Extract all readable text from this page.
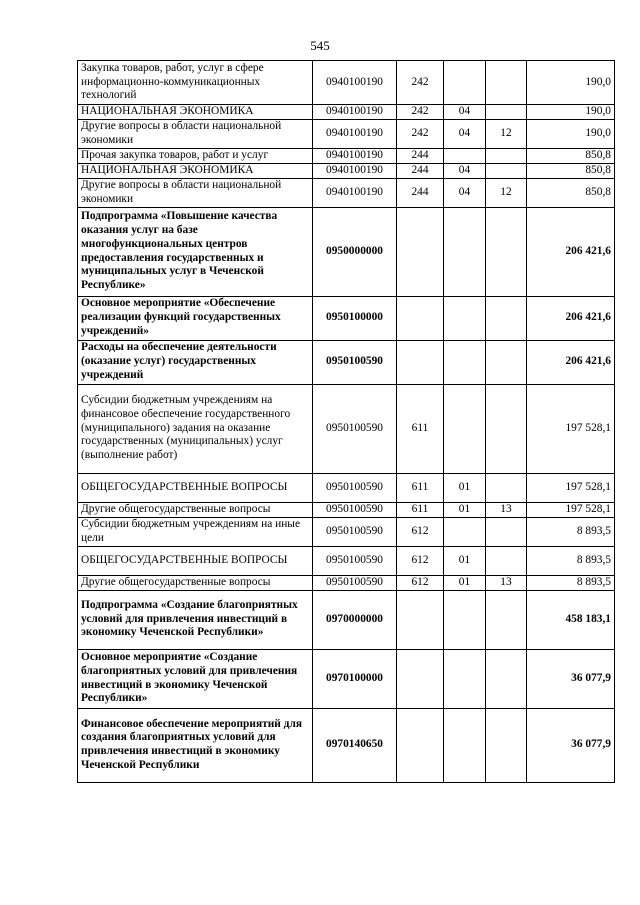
545
Закупка товаров, работ, услуг в сфере информационно-коммуникационных технологий	0940100190	242			190,0
НАЦИОНАЛЬНАЯ ЭКОНОМИКА	0940100190	242	04		190,0
Другие вопросы в области национальной экономики	0940100190	242	04	12	190,0
Прочая закупка товаров, работ и услуг	0940100190	244			850,8
НАЦИОНАЛЬНАЯ ЭКОНОМИКА	0940100190	244	04		850,8
Другие вопросы в области национальной экономики	0940100190	244	04	12	850,8
Подпрограмма «Повышение качества оказания услуг на базе многофункциональных центров предоставления государственных и муниципальных услуг в Чеченской Республике»	0950000000				206 421,6
Основное мероприятие «Обеспечение реализации функций государственных учреждений»	0950100000				206 421,6
Расходы на обеспечение деятельности (оказание услуг) государственных учреждений	0950100590				206 421,6
Субсидии бюджетным учреждениям на финансовое обеспечение государственного (муниципального) задания на оказание государственных (муниципальных) услуг (выполнение работ)	0950100590	611			197 528,1
ОБЩЕГОСУДАРСТВЕННЫЕ ВОПРОСЫ	0950100590	611	01		197 528,1
Другие общегосударственные вопросы	0950100590	611	01	13	197 528,1
Субсидии бюджетным учреждениям на иные цели	0950100590	612			8 893,5
ОБЩЕГОСУДАРСТВЕННЫЕ ВОПРОСЫ	0950100590	612	01		8 893,5
Другие общегосударственные вопросы	0950100590	612	01	13	8 893,5
Подпрограмма «Создание благоприятных условий для привлечения инвестиций в экономику Чеченской Республики»	0970000000				458 183,1
Основное мероприятие «Создание благоприятных условий для привлечения инвестиций в экономику Чеченской Республики»	0970100000				36 077,9
Финансовое обеспечение мероприятий для создания благоприятных условий для привлечения инвестиций в экономику Чеченской Республики	0970140650				36 077,9
